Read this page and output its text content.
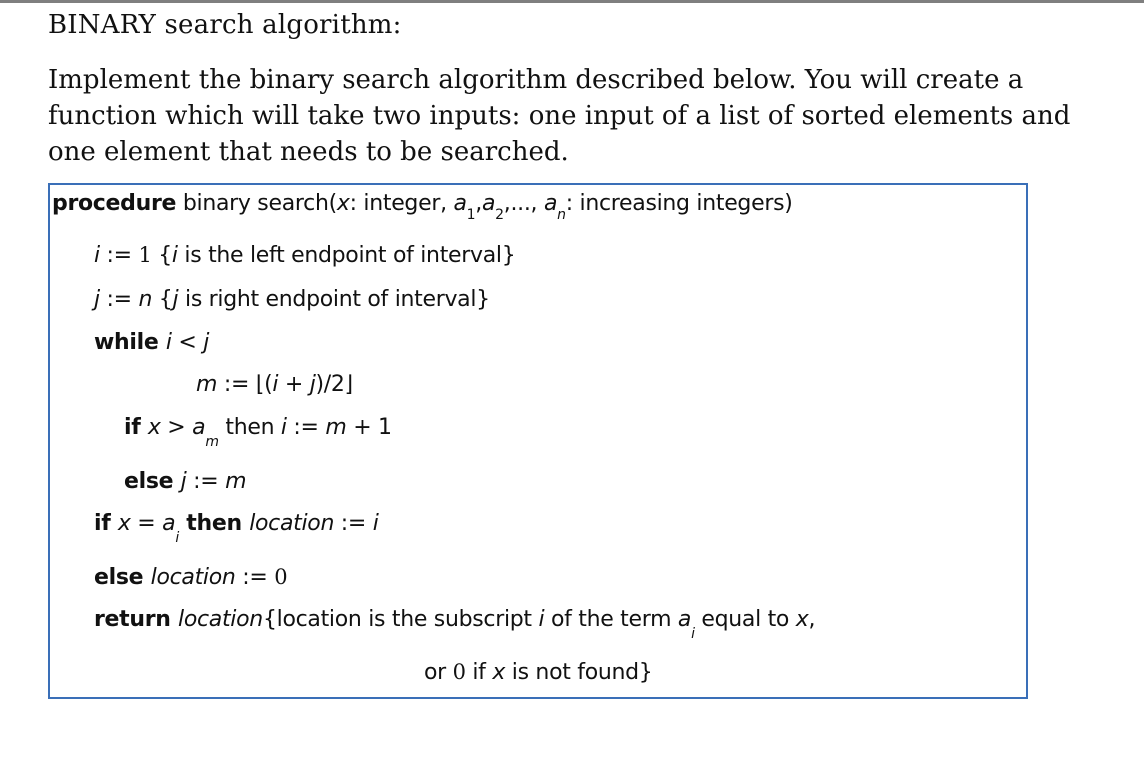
BINARY search algorithm:
Implement the binary search algorithm described below. You will create a
function which will take two inputs: one input of a list of sorted elements and
one element that needs to be searched.
procedure binary search(x: integer, $a_1,a_2$,..., $a_n$: increasing integers)
i := 1 {i is the left endpoint of interval}
j := n {j is right endpoint of interval}
while i < j
m := ⌊(i + j)/2⌋
if $x > a_m$ then i := m + 1
else j := m
if $x = a_i$ then location := i
else location := 0
return location{location is the subscript i of the term $a_i$ equal to x,
or 0 if x is not found}
